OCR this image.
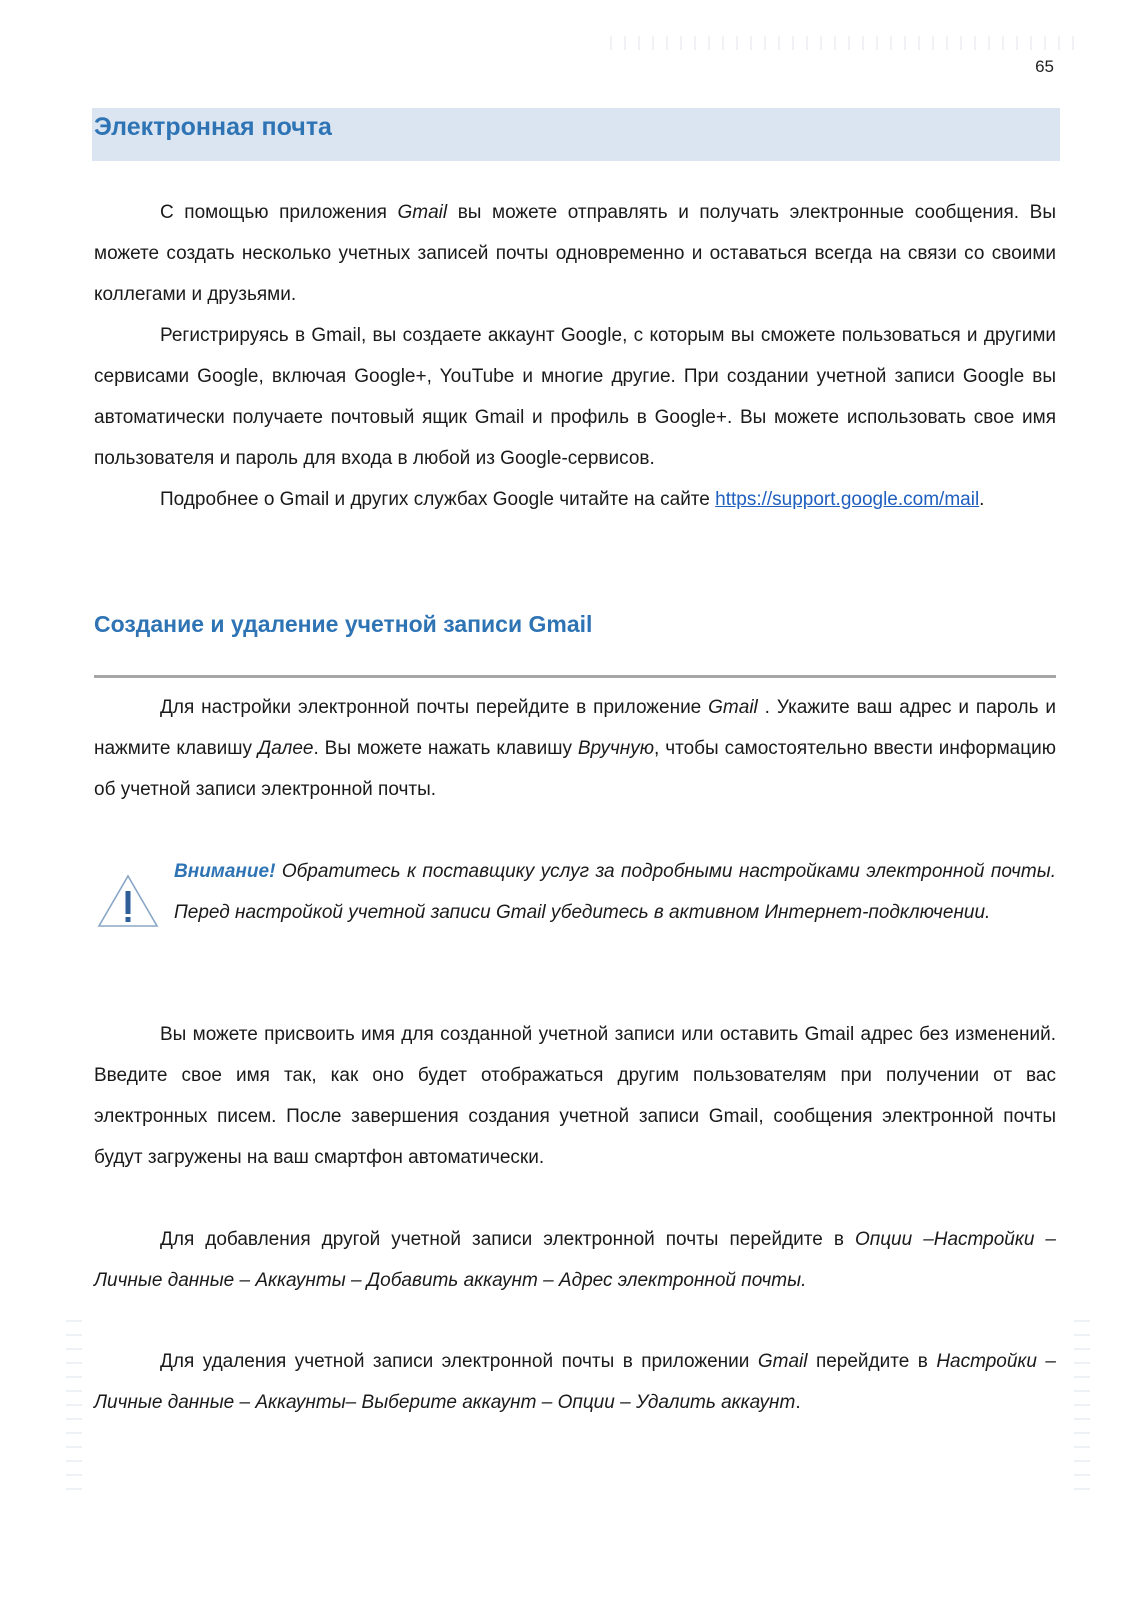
65
Электронная почта

С помощью приложения Gmail вы можете отправлять и получать электронные сообщения. Вы можете создать несколько учетных записей почты одновременно и оставаться всегда на связи со своими коллегами и друзьями.

Регистрируясь в Gmail, вы создаете аккаунт Google, с которым вы сможете пользоваться и другими сервисами Google, включая Google+, YouTube и многие другие. При создании учетной записи Google вы автоматически получаете почтовый ящик Gmail и профиль в Google+. Вы можете использовать свое имя пользователя и пароль для входа в любой из Google-сервисов.

Подробнее о Gmail и других службах Google читайте на сайте https://support.google.com/mail.

Создание и удаление учетной записи Gmail

Для настройки электронной почты перейдите в приложение Gmail . Укажите ваш адрес и пароль и нажмите клавишу Далее. Вы можете нажать клавишу Вручную, чтобы самостоятельно ввести информацию об учетной записи электронной почты.

Внимание! Обратитесь к поставщику услуг за подробными настройками электронной почты. Перед настройкой учетной записи Gmail убедитесь в активном Интернет-подключении.

Вы можете присвоить имя для созданной учетной записи или оставить Gmail адрес без изменений. Введите свое имя так, как оно будет отображаться другим пользователям при получении от вас электронных писем. После завершения создания учетной записи Gmail, сообщения электронной почты будут загружены на ваш смартфон автоматически.

Для добавления другой учетной записи электронной почты перейдите в Опции –Настройки – Личные данные – Аккаунты – Добавить аккаунт – Адрес электронной почты.

Для удаления учетной записи электронной почты в приложении Gmail перейдите в Настройки – Личные данные – Аккаунты– Выберите аккаунт – Опции – Удалить аккаунт.
